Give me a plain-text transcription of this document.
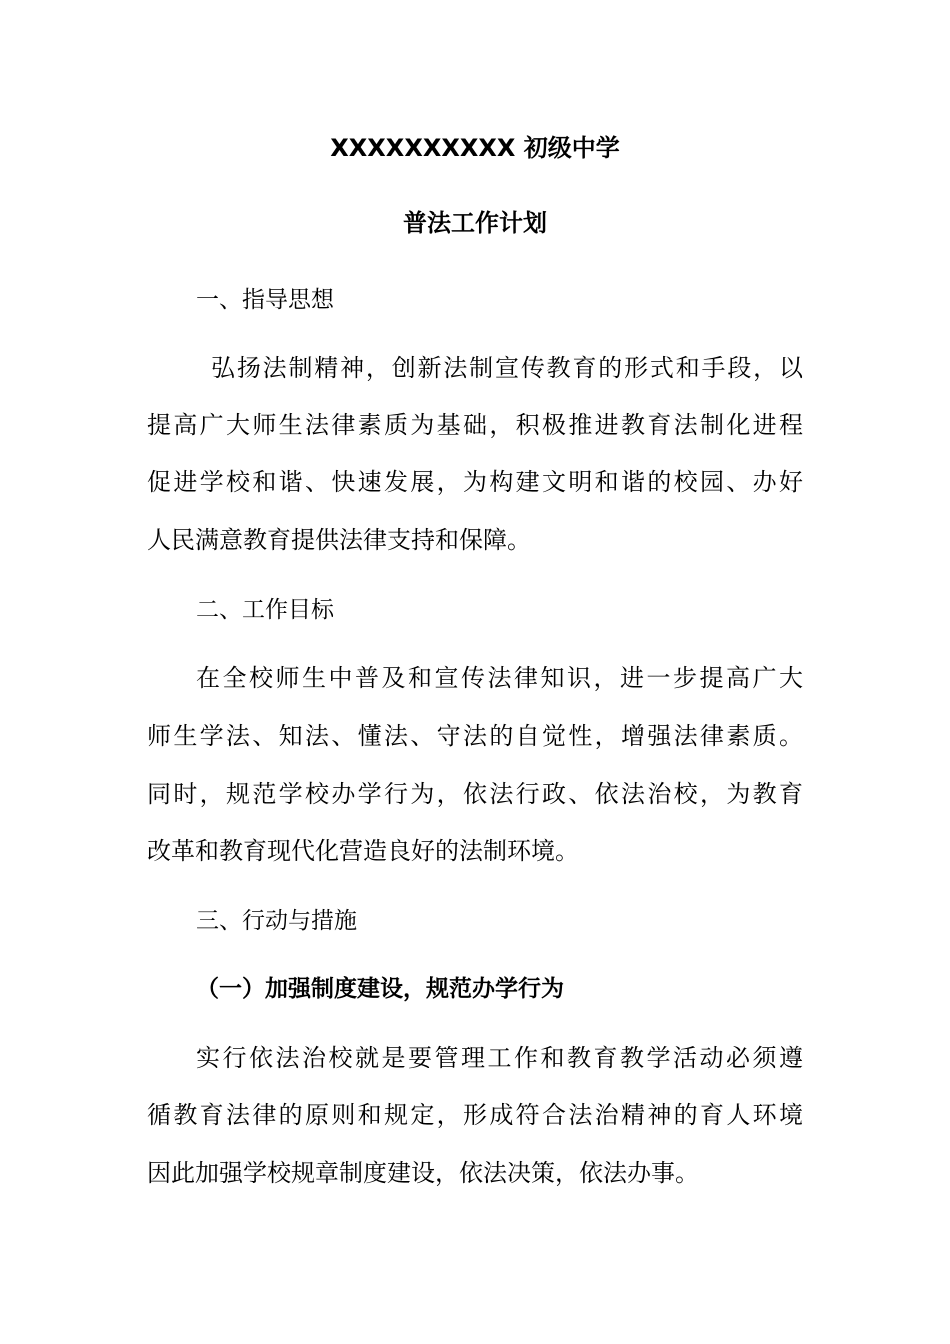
XXXXXXXXXX 初级中学
普法工作计划
一、指导思想
弘扬法制精神，创新法制宣传教育的形式和手段，以
提高广大师生法律素质为基础，积极推进教育法制化进程
促进学校和谐、快速发展，为构建文明和谐的校园、办好
人民满意教育提供法律支持和保障。
二、工作目标
在全校师生中普及和宣传法律知识，进一步提高广大
师生学法、知法、懂法、守法的自觉性，增强法律素质。
同时，规范学校办学行为，依法行政、依法治校，为教育
改革和教育现代化营造良好的法制环境。
三、行动与措施
（一）加强制度建设，规范办学行为
实行依法治校就是要管理工作和教育教学活动必须遵
循教育法律的原则和规定，形成符合法治精神的育人环境
因此加强学校规章制度建设，依法决策，依法办事。
